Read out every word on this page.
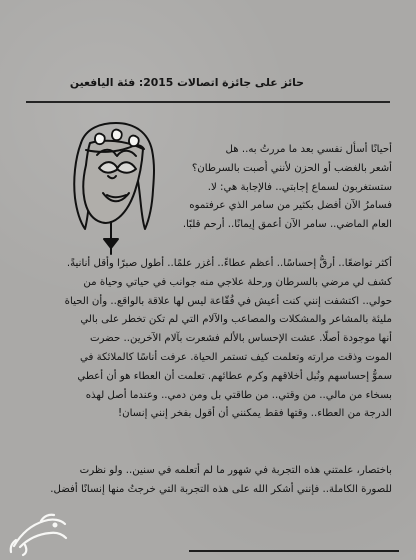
حائز على جائزة اتصالات 2015: فئة اليافعين
أحيانًا أسأل نفسي بعد ما مررتُ به.. هل
أشعر بالغضب أو الحزن لأنني أُصبت بالسرطان؟
ستستغربون لسماع إجابتي.. فالإجابة هي: لا.
فسامرُ الآن أفضل بكثير من سامر الذي عرفتموه
العام الماضي.. سامر الآن أعمق إيمانًا.. أرحم قلبًا.
أكثر تواضعًا.. أرقُّ إحساسًا.. أعظم عطاءً.. أغزر علمًا.. أطول صبرًا وأقل أنانيةً.
كشف لي مرضي بالسرطان ورحلة علاجي منه جوانب في حياتي وحياة من
حولي.. اكتشفت إنني كنت أعيش في فُقّاعة ليس لها علاقة بالواقع.. وأن الحياة
مليئة بالمشاعر والمشكلات والمصاعب والآلام التي لم تكن تخطر على بالي
أنها موجودة أصلًا. عشت الإحساس بالألم فشعرت بآلام الآخرين.. حضرت
الموت وذقت مرارته وتعلمت كيف تستمر الحياة. عرفت أناسًا كالملائكة في
سموُّ إحساسهم ونُبل أخلاقهم وكرم عطائهم. تعلمت أن العطاء هو أن أعطي
بسخاء من مالي.. من وقتي.. من طاقتي بل ومن دمي.. وعندما أصل لهذه
الدرجة من العطاء.. وقتها فقط يمكنني أن أقول بفخر إنني إنسان!
باختصار، علمتني هذه التجربة في شهور ما لم أتعلمه في سنين.. ولو نظرت
للصورة الكاملة.. فإنني أشكر الله على هذه التجربة التي خرجتُ منها إنسانًا أفضل.
